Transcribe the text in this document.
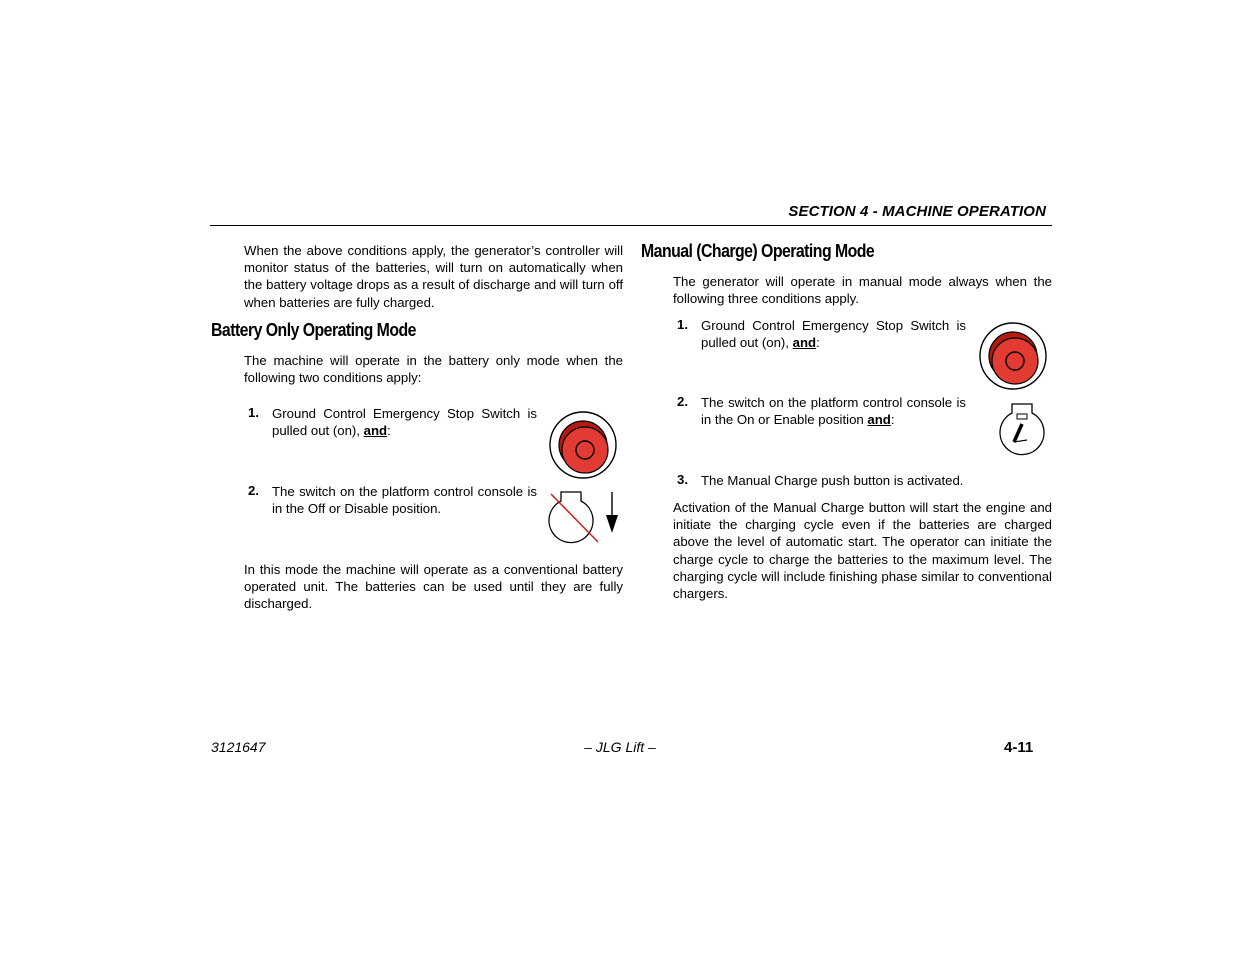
SECTION 4 - MACHINE OPERATION
When the above conditions apply, the generator’s controller will monitor status of the batteries, will turn on automatically when the battery voltage drops as a result of discharge and will turn off when batteries are fully charged.
Battery Only Operating Mode
The machine will operate in the battery only mode when the following two conditions apply:
1. Ground Control Emergency Stop Switch is pulled out (on), and:
2. The switch on the platform control console is in the Off or Disable position.
In this mode the machine will operate as a conventional battery operated unit. The batteries can be used until they are fully discharged.
Manual (Charge) Operating Mode
The generator will operate in manual mode always when the following three conditions apply.
1. Ground Control Emergency Stop Switch is pulled out (on), and:
2. The switch on the platform control console is in the On or Enable position and:
3. The Manual Charge push button is activated.
Activation of the Manual Charge button will start the engine and initiate the charging cycle even if the batteries are charged above the level of automatic start. The operator can initiate the charge cycle to charge the batteries to the maximum level. The charging cycle will include finishing phase similar to conventional chargers.
3121647	– JLG Lift –	4-11
